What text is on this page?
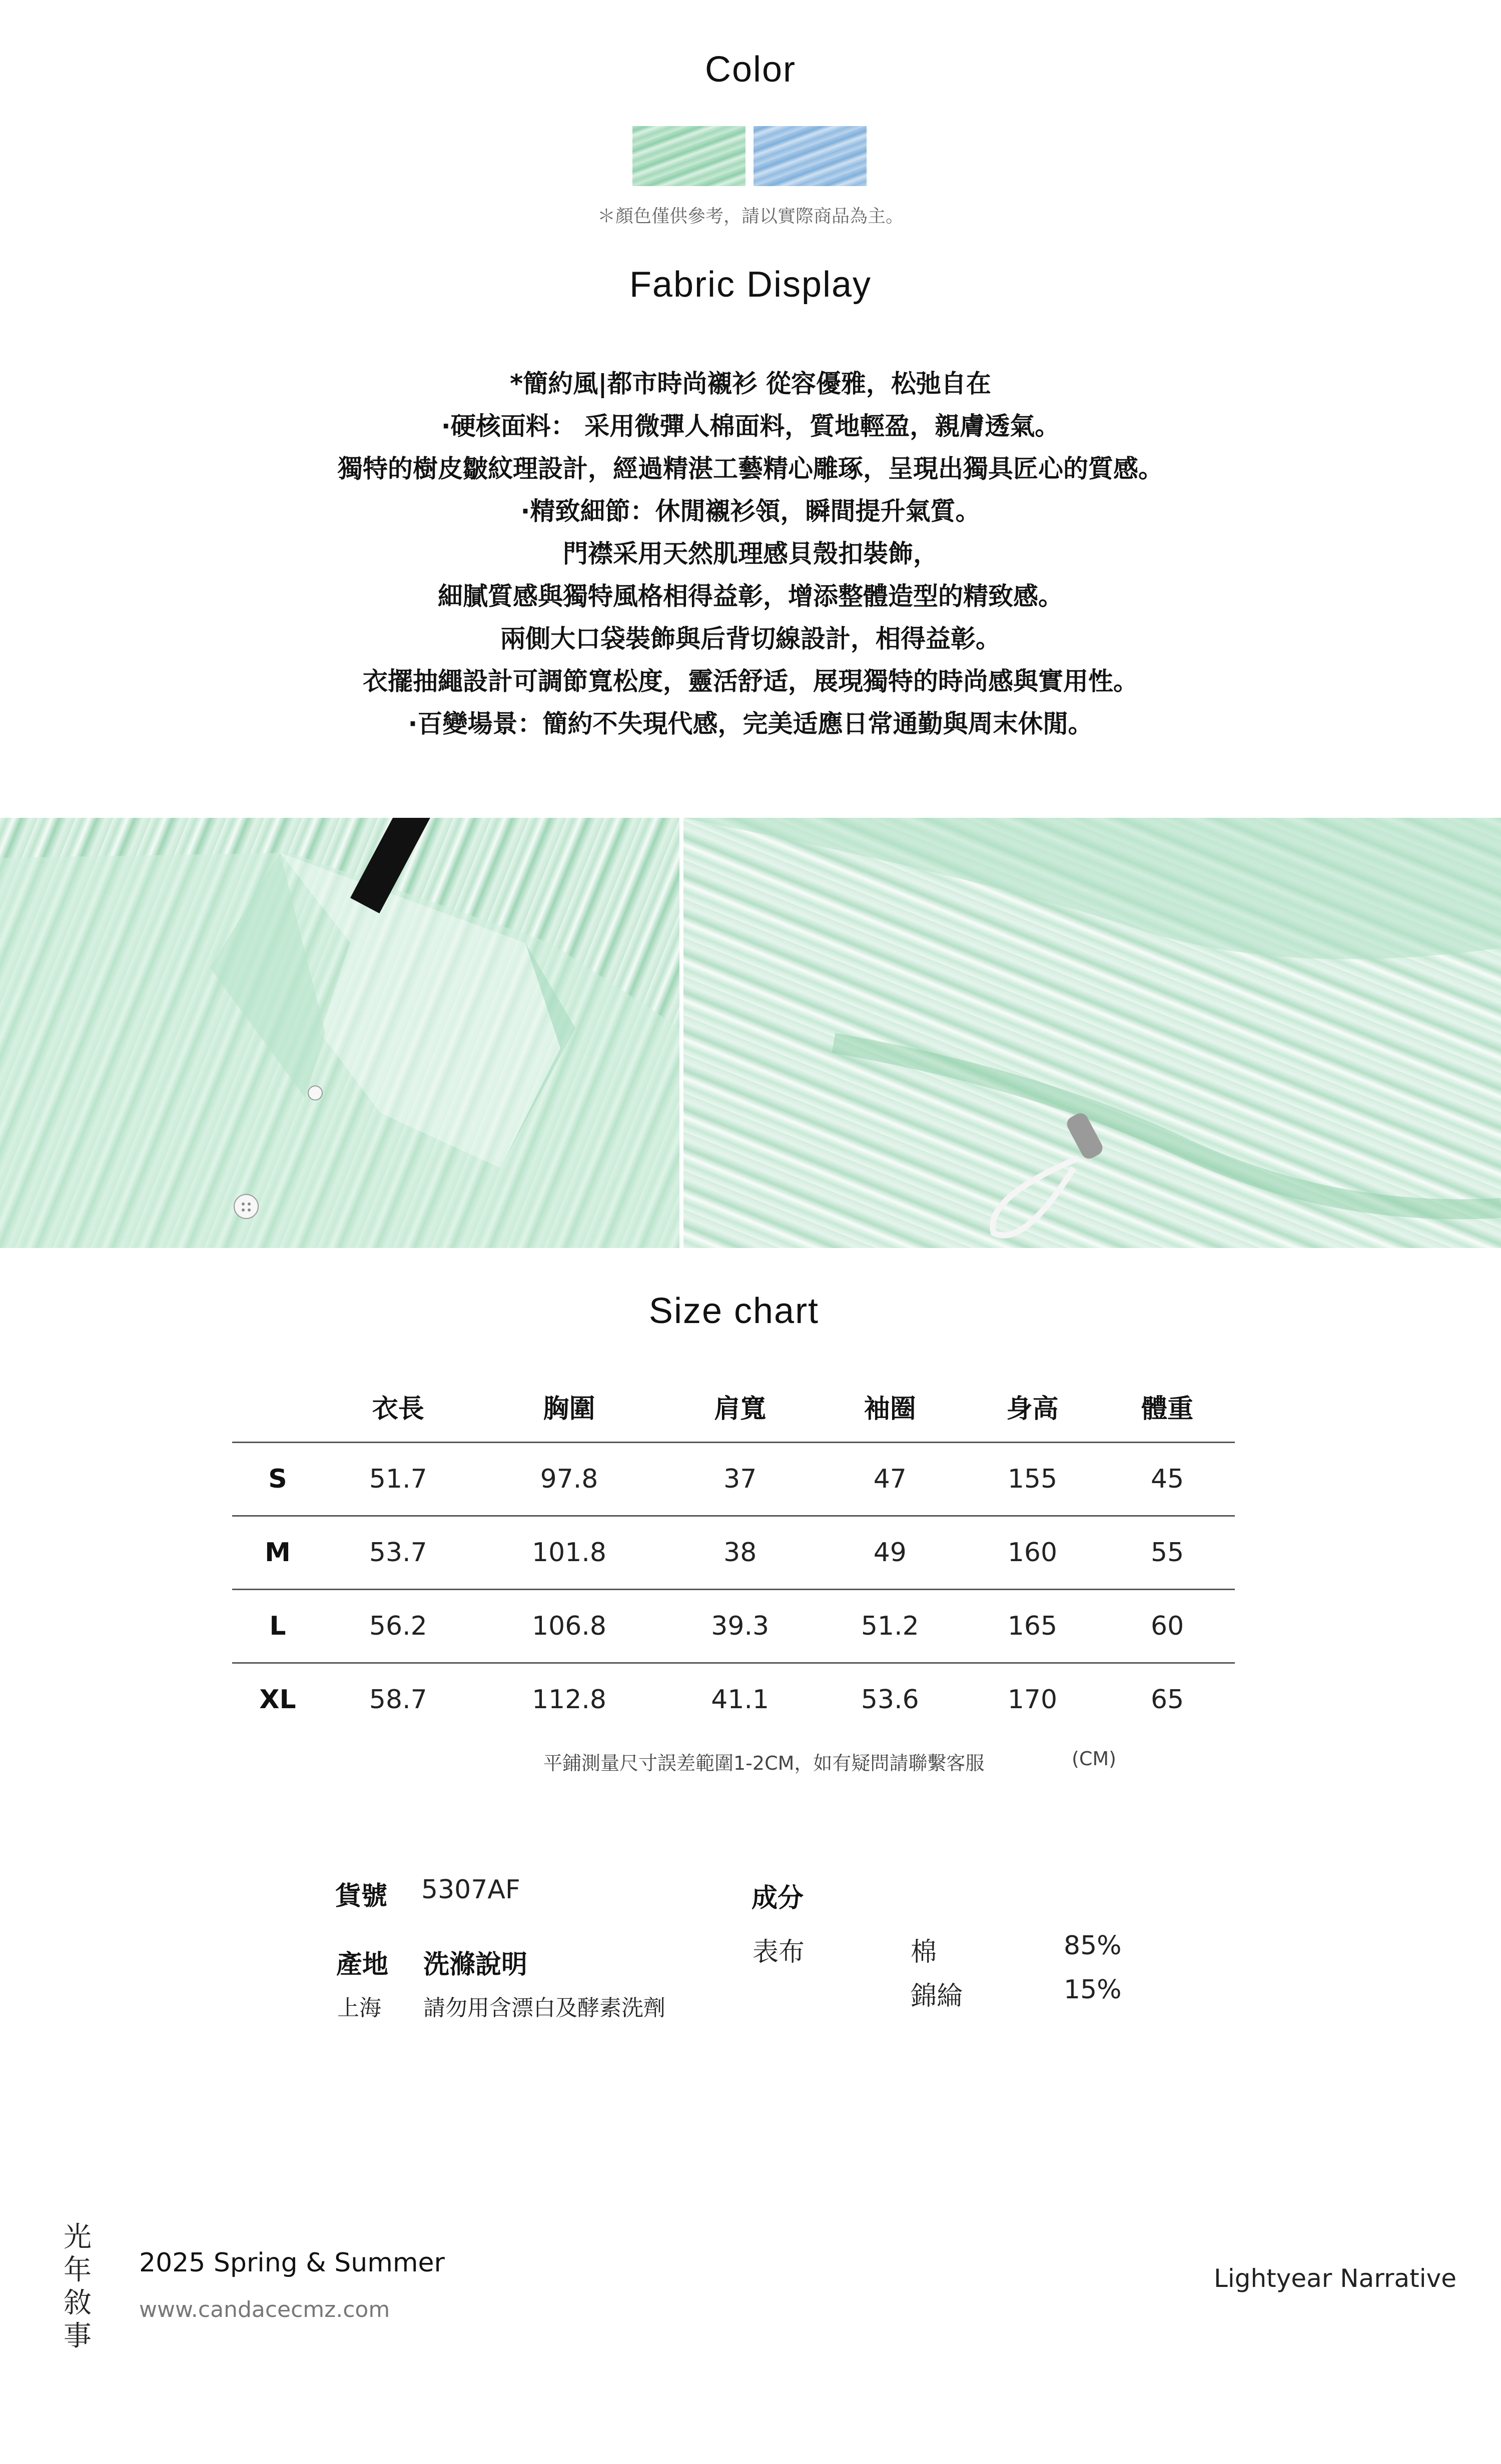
Color
＊顏色僅供參考，請以實際商品為主。
Fabric Display
*簡約風|都市時尚襯衫 從容優雅，松弛自在
·硬核面料： 采用微彈人棉面料，質地輕盈，親膚透氣。
獨特的樹皮皺紋理設計，經過精湛工藝精心雕琢，呈現出獨具匠心的質感。
·精致細節：休閒襯衫領，瞬間提升氣質。
門襟采用天然肌理感貝殼扣裝飾，
細膩質感與獨特風格相得益彰，增添整體造型的精致感。
兩側大口袋裝飾與后背切線設計，相得益彰。
衣擺抽繩設計可調節寬松度，靈活舒适，展現獨特的時尚感與實用性。
·百變場景：簡約不失現代感，完美适應日常通勤與周末休閒。
Size chart
	衣長	胸圍	肩寬	袖圈	身高	體重
S	51.7	97.8	37	47	155	45
M	53.7	101.8	38	49	160	55
L	56.2	106.8	39.3	51.2	165	60
XL	58.7	112.8	41.1	53.6	170	65
平鋪測量尺寸誤差範圍1-2CM，如有疑問請聯繫客服	(CM)
貨號 5307AF
產地 洗滌說明
上海 請勿用含漂白及酵素洗劑
成分
表布	棉	85%
錦綸	15%
光年敘事
2025 Spring & Summer
www.candacecmz.com
Lightyear Narrative
